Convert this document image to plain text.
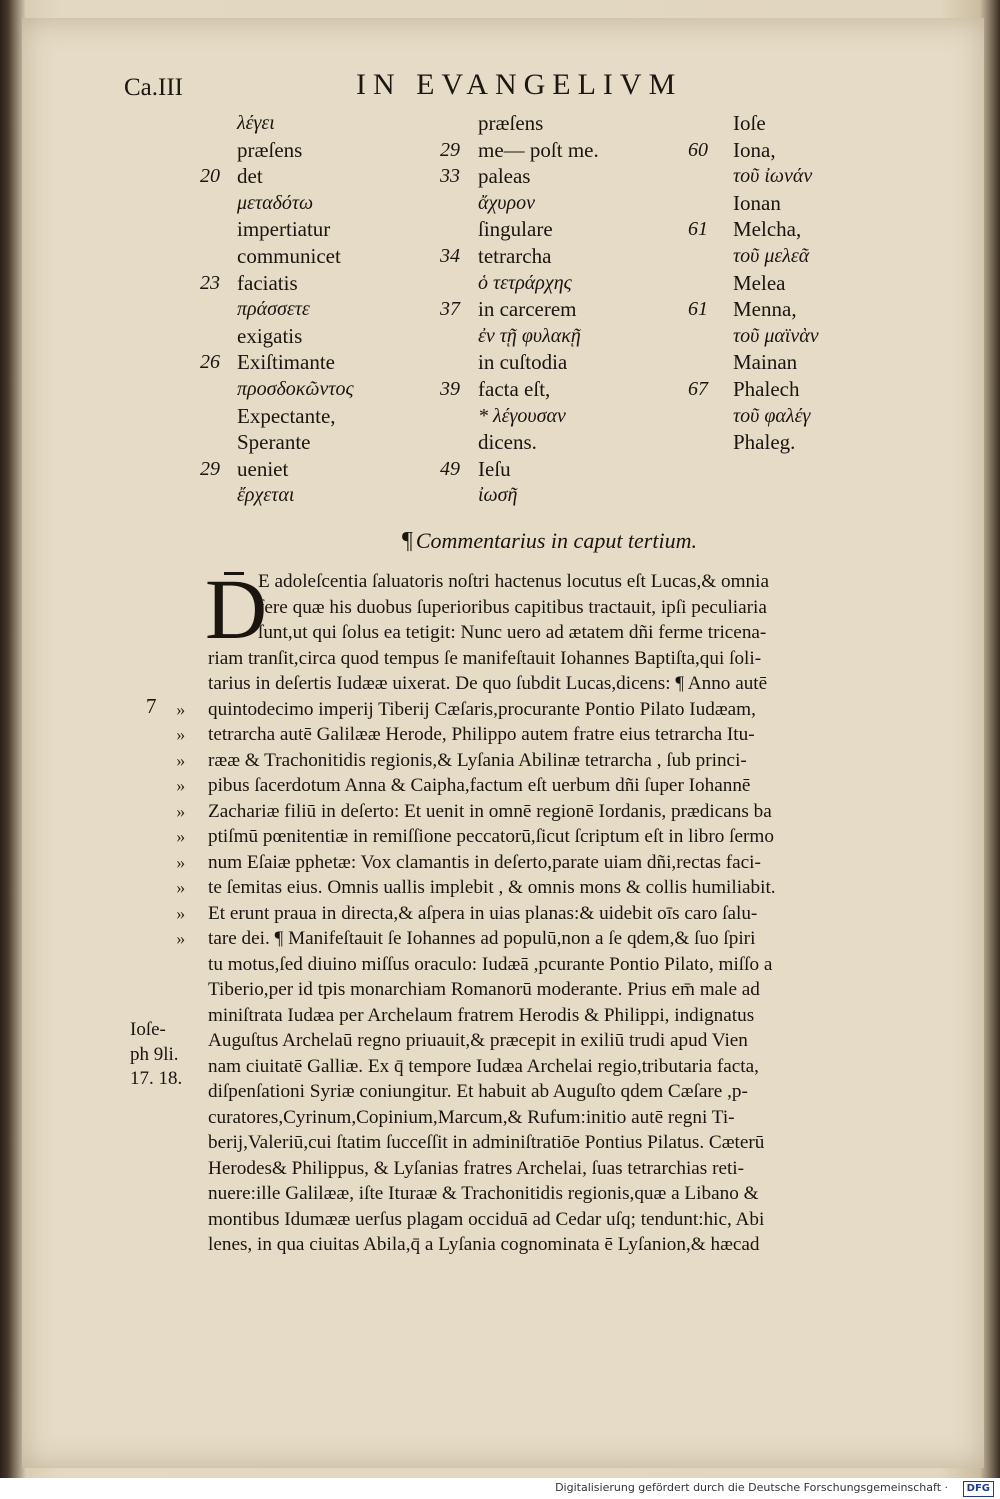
Ca.III	IN EVANGELIVM
λέγει
præſens
20 det
μεταδότω
impertiatur
communicet
23 faciatis
πράσσετε
exigatis
26 Exiſtimante
προσδοκῶντος
Expectante,
Sperante
29 ueniet
ἔρχεται
præſens
29 me— poſt me.
33 paleas
ἄχυρον
ſingulare
34 tetrarcha
ὁ τετράρχης
37 in carcerem
ἐν τῇ φυλακῇ
in cuſtodia
39 facta eſt,
* λέγουσαν
dicens.
49 Ieſu
ἰωσῆ
Ioſe
60 Iona,
τοῦ ἰωνάν
Ionan
61 Melcha,
τοῦ μελεᾶ
Melea
61 Menna,
τοῦ μαϊνὰν
Mainan
67 Phalech
τοῦ φαλέγ
Phaleg.
¶ Commentarius in caput tertium.
D
7
Ioſe-
ph 9li.
17. 18.
››
››
››
››
››
››
››
››
››
››
E adoleſcentia ſaluatoris noſtri hactenus locutus eſt Lucas,& omnia
fere quæ his duobus ſuperioribus capitibus tractauit, ipſi peculiaria
ſunt,ut qui ſolus ea tetigit: Nunc uero ad ætatem dñi ferme tricena-
riam tranſit,circa quod tempus ſe manifeſtauit Iohannes Baptiſta,qui ſoli-
tarius in deſertis Iudææ uixerat. De quo ſubdit Lucas,dicens: ¶ Anno autē
quintodecimo imperij Tiberij Cæſaris,procurante Pontio Pilato Iudæam,
tetrarcha autē Galilææ Herode, Philippo autem fratre eius tetrarcha Itu-
rææ & Trachonitidis regionis,& Lyſania Abilinæ tetrarcha , ſub princi-
pibus ſacerdotum Anna & Caipha,factum eſt uerbum dñi ſuper Iohannē
Zachariæ filiū in deſerto: Et uenit in omnē regionē Iordanis, prædicans ba
ptiſmū pœnitentiæ in remiſſione peccatorū,ſicut ſcriptum eſt in libro ſermo
num Eſaiæ pphetæ: Vox clamantis in deſerto,parate uiam dñi,rectas faci-
te ſemitas eius. Omnis uallis implebit , & omnis mons & collis humiliabit.
Et erunt praua in directa,& aſpera in uias planas:& uidebit oīs caro ſalu-
tare dei. ¶ Manifeſtauit ſe Iohannes ad populū,non a ſe qdem,& ſuo ſpiri
tu motus,ſed diuino miſſus oraculo: Iudæā ,pcurante Pontio Pilato, miſſo a
Tiberio,per id tpis monarchiam Romanorū moderante. Prius em̄ male ad
miniſtrata Iudæa per Archelaum fratrem Herodis & Philippi, indignatus
Auguſtus Archelaū regno priuauit,& præcepit in exiliū trudi apud Vien
nam ciuitatē Galliæ. Ex q̄ tempore Iudæa Archelai regio,tributaria facta,
diſpenſationi Syriæ coniungitur. Et habuit ab Auguſto qdem Cæſare ,p-
curatores,Cyrinum,Copinium,Marcum,& Rufum:initio autē regni Ti-
berij,Valeriū,cui ſtatim ſucceſſit in adminiſtratiōe Pontius Pilatus. Cæterū
Herodes& Philippus, & Lyſanias fratres Archelai, ſuas tetrarchias reti-
nuere:ille Galilææ, iſte Ituraæ & Trachonitidis regionis,quæ a Libano &
montibus Idumææ uerſus plagam occiduā ad Cedar uſq; tendunt:hic, Abi
lenes, in qua ciuitas Abila,q̄ a Lyſania cognominata ē Lyſanion,& hæcad
Digitalisierung gefördert durch die Deutsche Forschungsgemeinschaft ·	DFG
